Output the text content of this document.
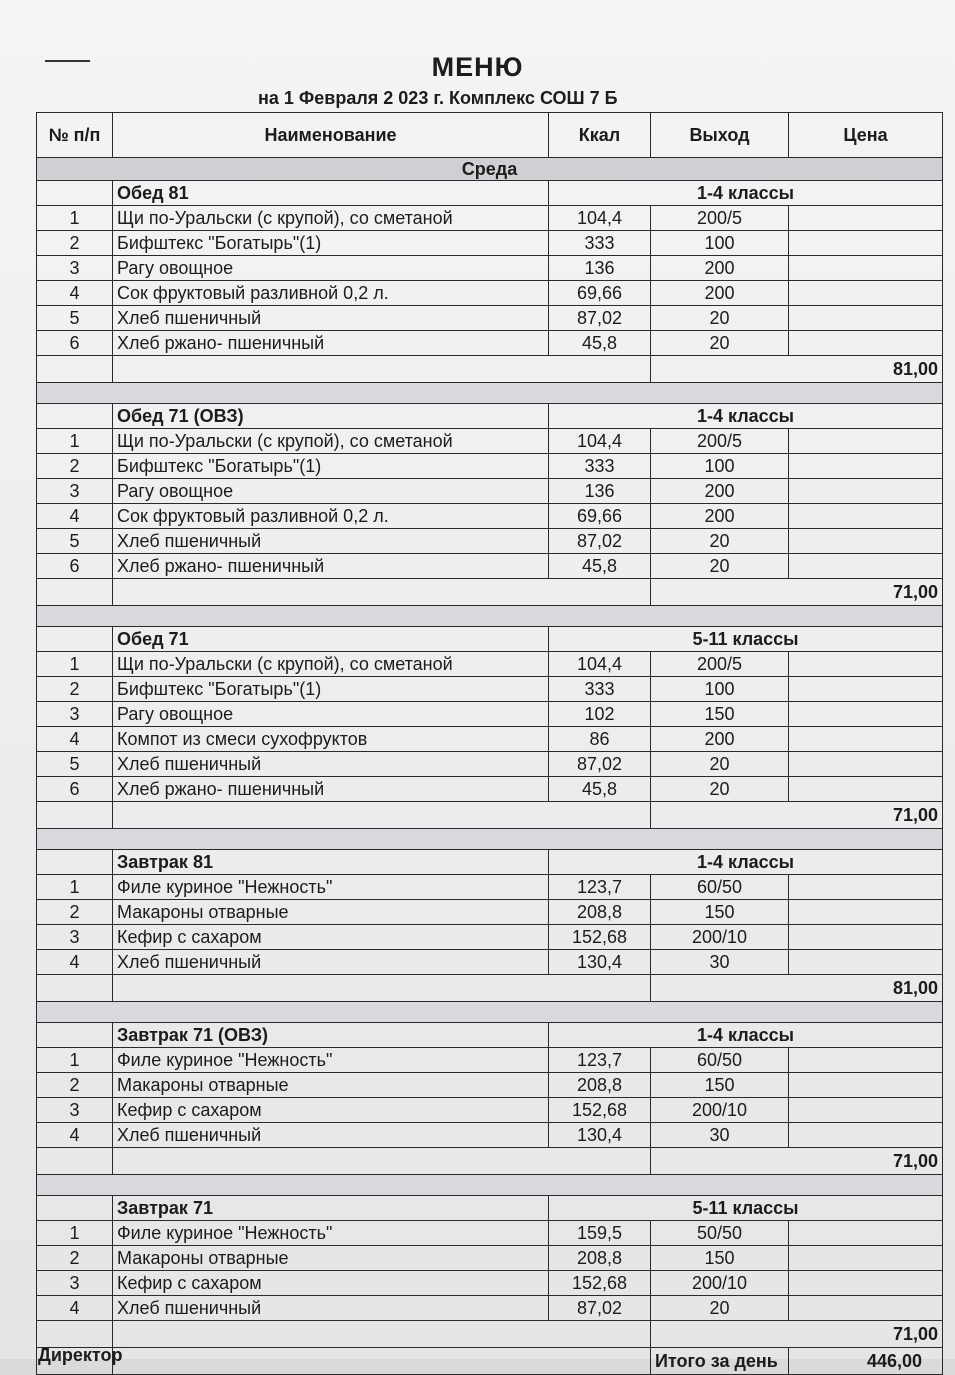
МЕНЮ
на 1 Февраля 2 023 г. Комплекс СОШ 7 Б
№ п/п	Наименование	Ккал	Выход	Цена
Среда				
	Обед 81	1-4 классы		
1	Щи по-Уральски (с крупой), со сметаной	104,4	200/5	
2	Бифштекс "Богатырь"(1)	333	100	
3	Рагу овощное	136	200	
4	Сок фруктовый разливной 0,2 л.	69,66	200	
5	Хлеб пшеничный	87,02	20	
6	Хлеб ржано- пшеничный	45,8	20	
			81,00	

	Обед 71 (ОВЗ)	1-4 классы		
1	Щи по-Уральски (с крупой), со сметаной	104,4	200/5	
2	Бифштекс "Богатырь"(1)	333	100	
3	Рагу овощное	136	200	
4	Сок фруктовый разливной 0,2 л.	69,66	200	
5	Хлеб пшеничный	87,02	20	
6	Хлеб ржано- пшеничный	45,8	20	
			71,00	

	Обед 71	5-11 классы		
1	Щи по-Уральски (с крупой), со сметаной	104,4	200/5	
2	Бифштекс "Богатырь"(1)	333	100	
3	Рагу овощное	102	150	
4	Компот из смеси сухофруктов	86	200	
5	Хлеб пшеничный	87,02	20	
6	Хлеб ржано- пшеничный	45,8	20	
			71,00	

	Завтрак 81	1-4 классы		
1	Филе куриное "Нежность"	123,7	60/50	
2	Макароны отварные	208,8	150	
3	Кефир с сахаром	152,68	200/10	
4	Хлеб пшеничный	130,4	30	
			81,00	

	Завтрак 71 (ОВЗ)	1-4 классы		
1	Филе куриное "Нежность"	123,7	60/50	
2	Макароны отварные	208,8	150	
3	Кефир с сахаром	152,68	200/10	
4	Хлеб пшеничный	130,4	30	
			71,00	

	Завтрак 71	5-11 классы		
1	Филе куриное "Нежность"	159,5	50/50	
2	Макароны отварные	208,8	150	
3	Кефир с сахаром	152,68	200/10	
4	Хлеб пшеничный	87,02	20	
			71,00	
			Итого за день	446,00
Директор
